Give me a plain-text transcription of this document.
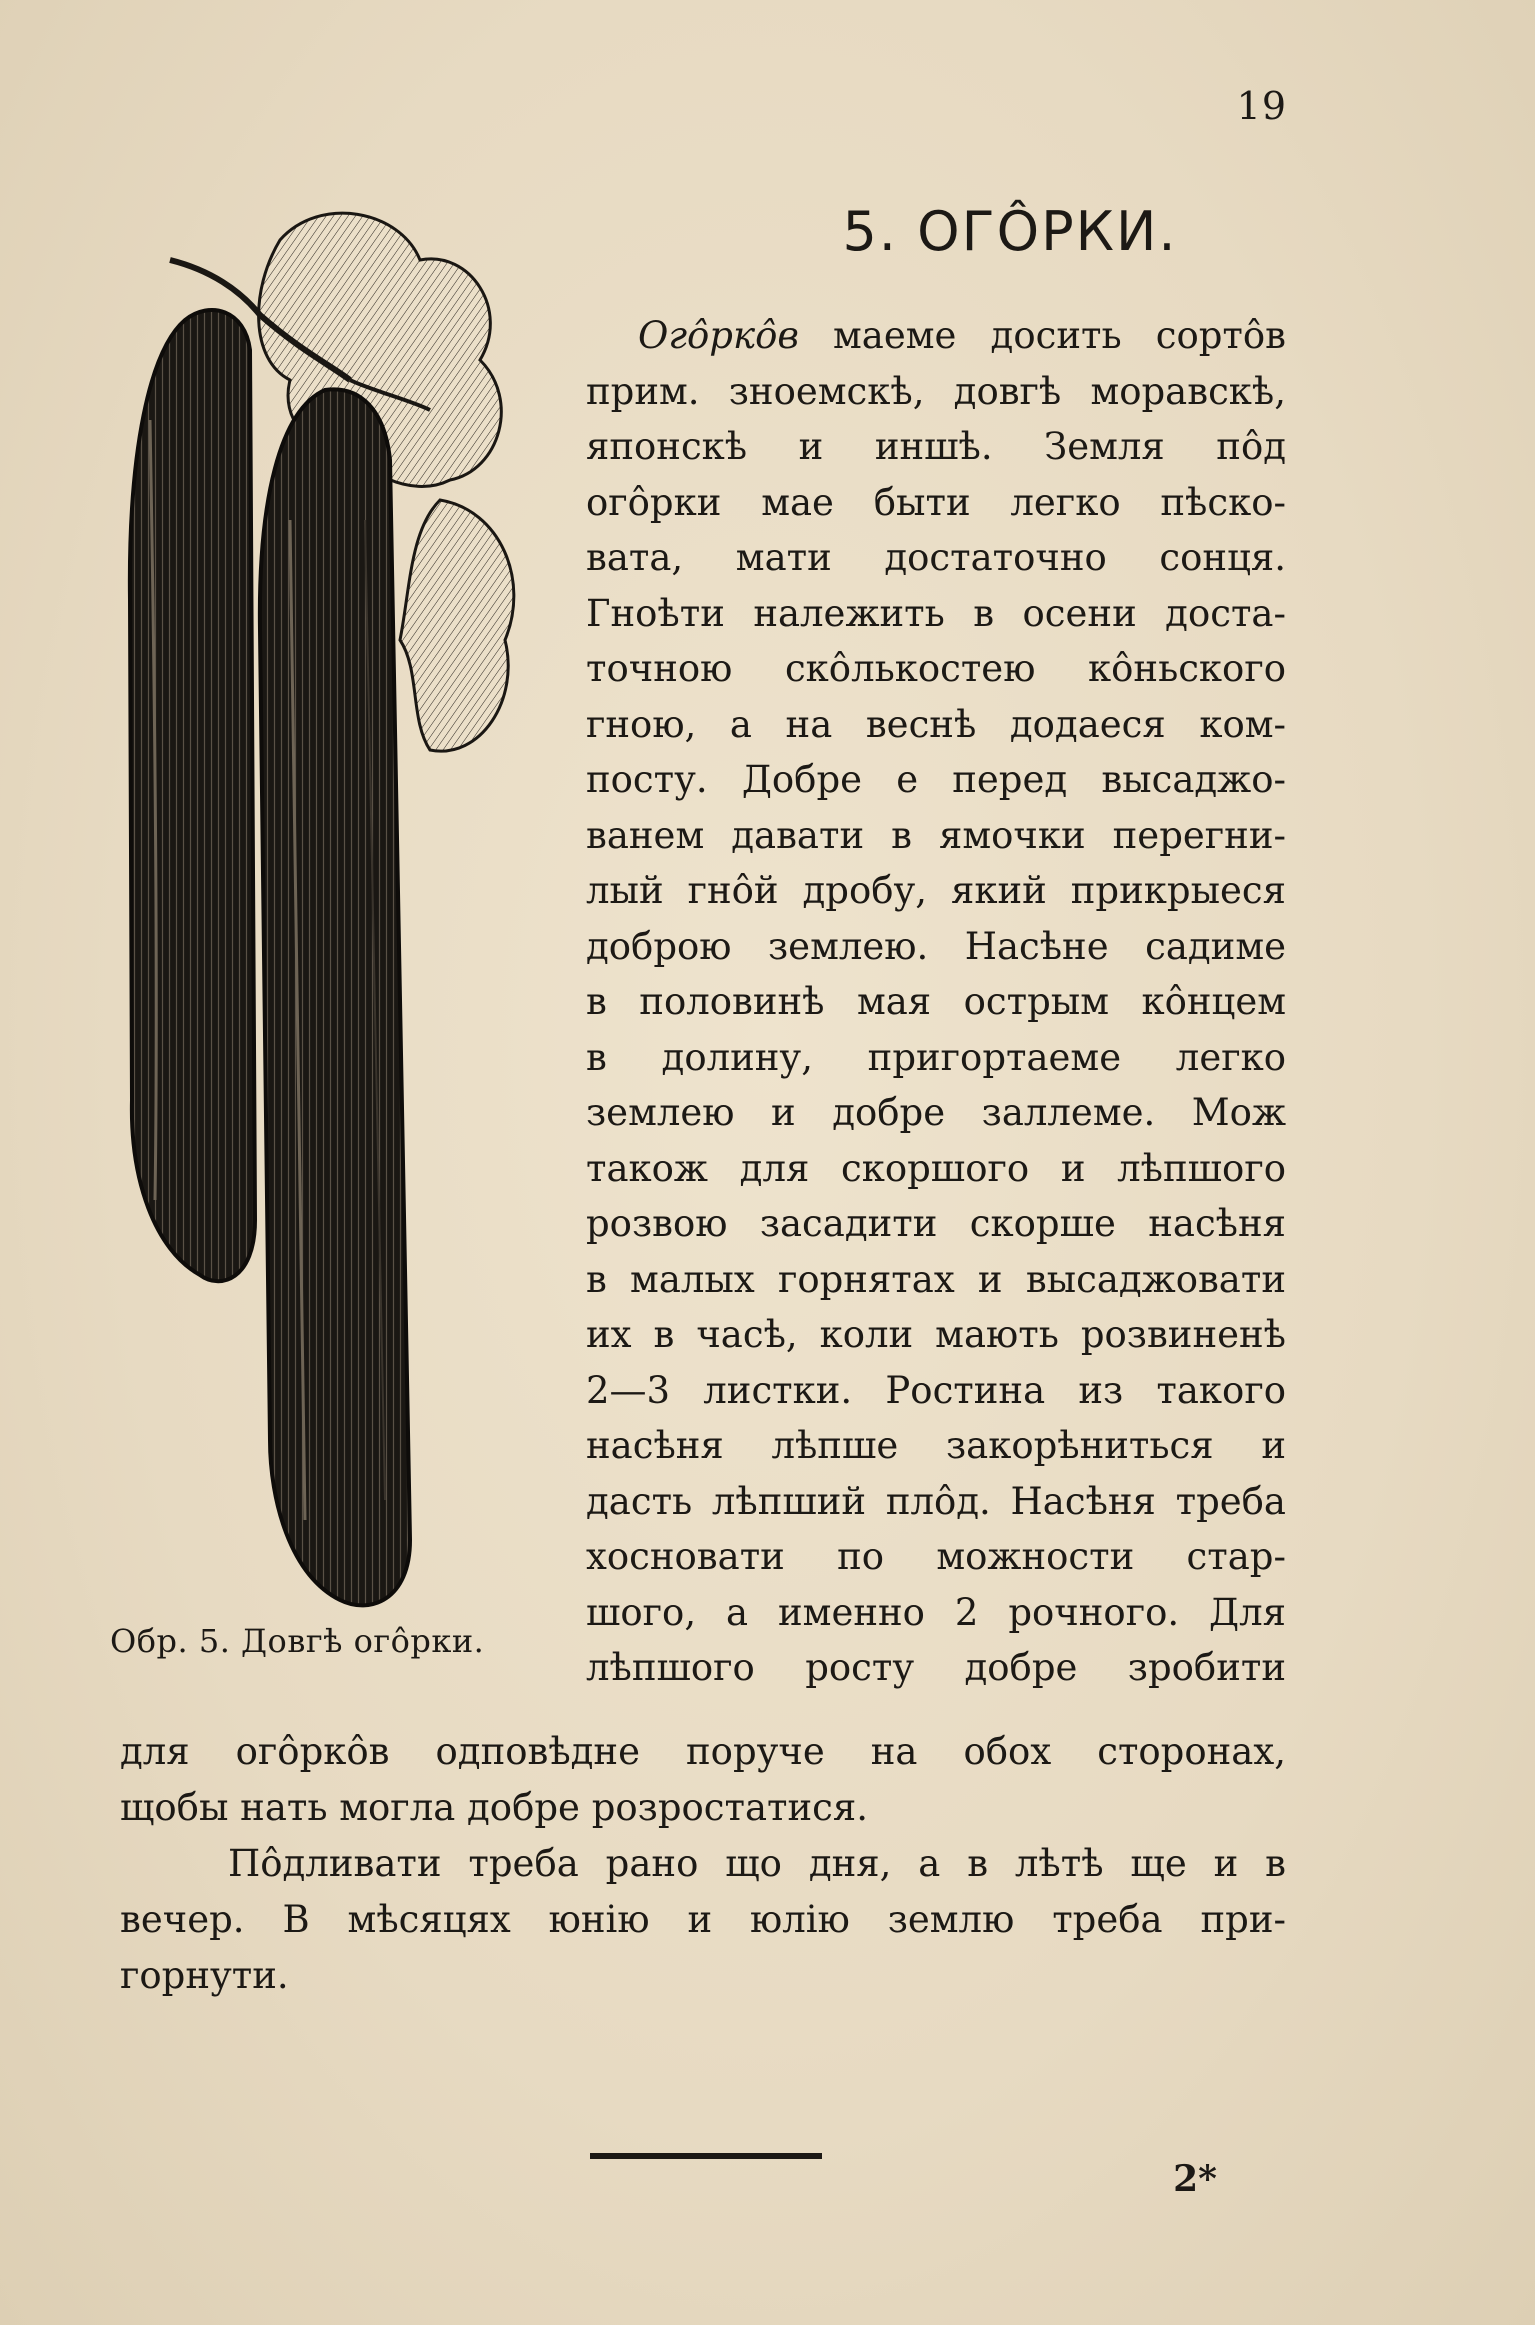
19
5. ОГÔРКИ.
Обр. 5. Довгѣ огôрки.
Огôркôв маеме досить сортôв
прим. зноемскѣ, довгѣ моравскѣ,
японскѣ и иншѣ. Земля пôд
огôрки мае быти легко пѣско-
вата, мати достаточно сонця.
Гноѣти належить в осени доста-
точною скôлькостею кôньского
гною, а на веснѣ додаеся ком-
посту. Добре е перед высаджо-
ванем давати в ямочки перегни-
лый гнôй дробу, який прикрыеся
доброю землею. Насѣне садиме
в половинѣ мая острым кôнцем
в долину, пригортаеме легко
землею и добре заллеме. Мож
також для скоршого и лѣпшого
розвою засадити скорше насѣня
в малых горнятах и высаджовати
их в часѣ, коли мають розвиненѣ
2—3 листки. Ростина из такого
насѣня лѣпше закорѣниться и
дасть лѣпший плôд. Насѣня треба
хосновати по можности стар-
шого, а именно 2 рочного. Для
лѣпшого росту добре зробити
для огôркôв одповѣдне поруче на обох сторонах,
щобы нать могла добре розростатися.
Пôдливати треба рано що дня, а в лѣтѣ ще и в
вечер. В мѣсяцях юнію и юлію землю треба при-
горнути.
2*
